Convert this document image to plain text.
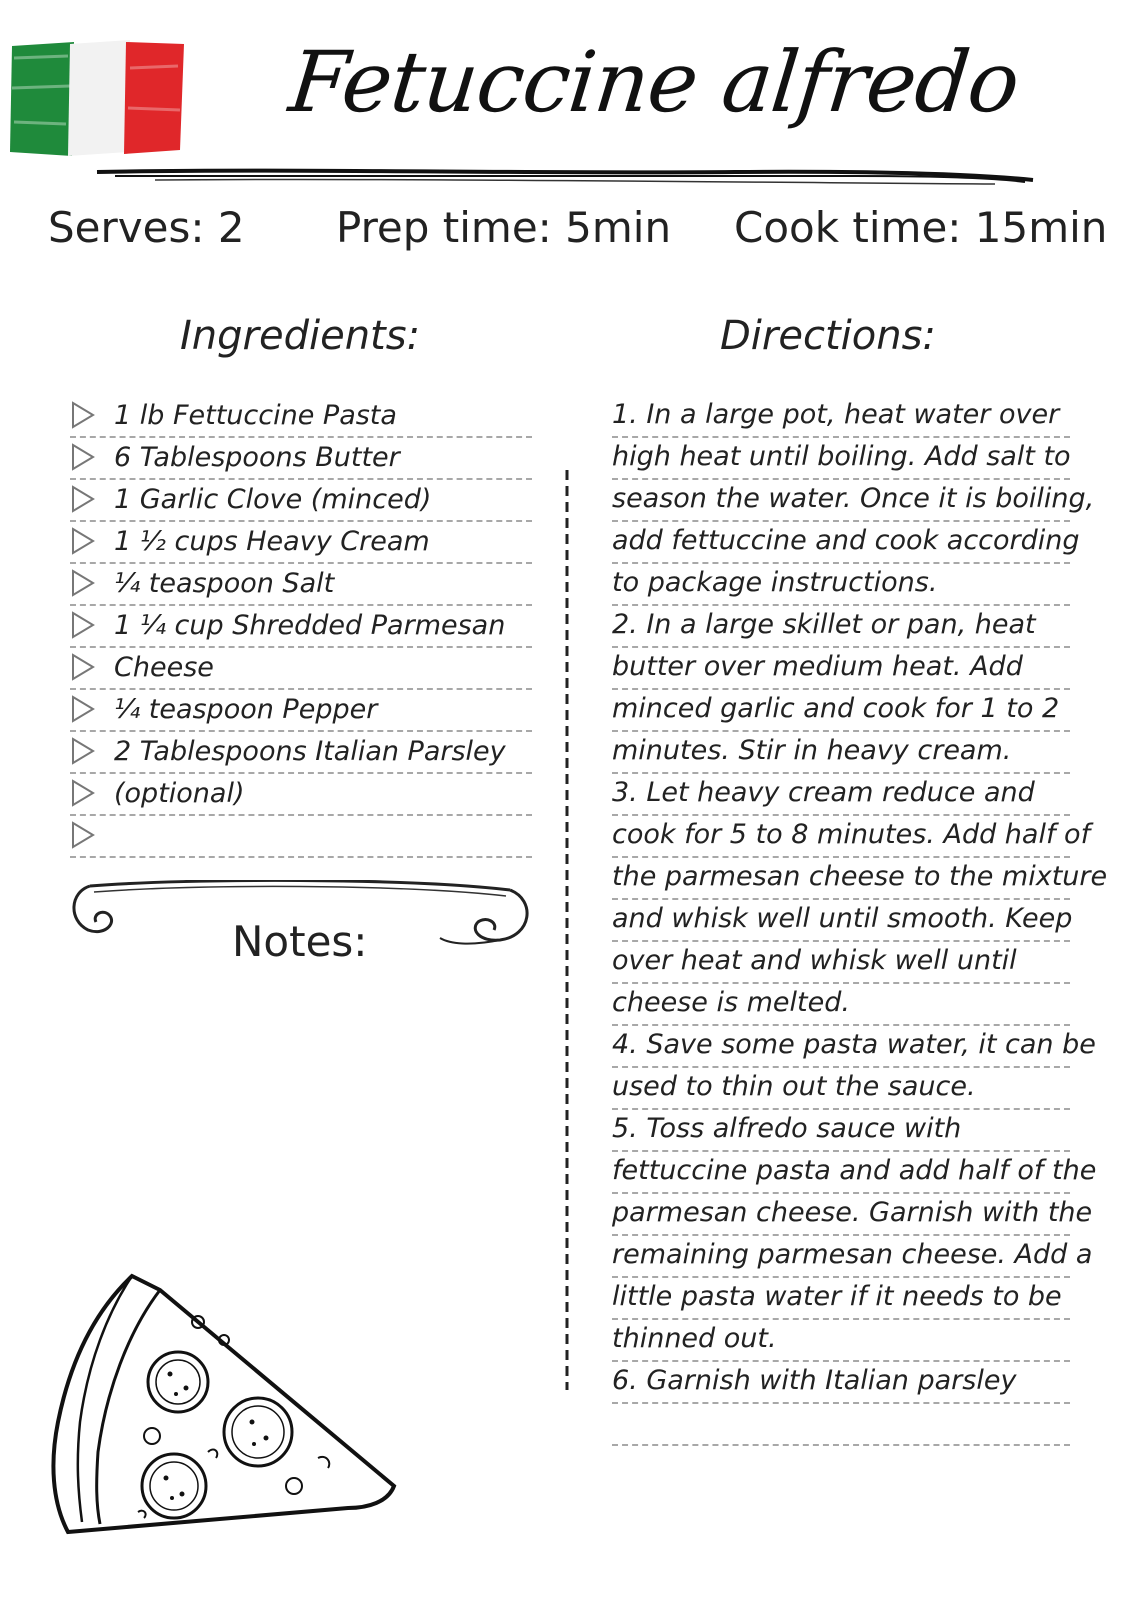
Fetuccine alfredo
Serves: 2 Prep time: 5min Cook time: 15min
Ingredients:	Directions:
1 lb Fettuccine Pasta
6 Tablespoons Butter
1 Garlic Clove (minced)
1 ½ cups Heavy Cream
¼ teaspoon Salt
1 ¼ cup Shredded Parmesan
Cheese
¼ teaspoon Pepper
2 Tablespoons Italian Parsley
(optional)
1. In a large pot, heat water over
high heat until boiling. Add salt to
season the water. Once it is boiling,
add fettuccine and cook according
to package instructions.
2. In a large skillet or pan, heat
butter over medium heat. Add
minced garlic and cook for 1 to 2
minutes. Stir in heavy cream.
3. Let heavy cream reduce and
cook for 5 to 8 minutes. Add half of
the parmesan cheese to the mixture
and whisk well until smooth. Keep
over heat and whisk well until
cheese is melted.
4. Save some pasta water, it can be
used to thin out the sauce.
5. Toss alfredo sauce with
fettuccine pasta and add half of the
parmesan cheese. Garnish with the
remaining parmesan cheese. Add a
little pasta water if it needs to be
thinned out.
6. Garnish with Italian parsley
Notes:
